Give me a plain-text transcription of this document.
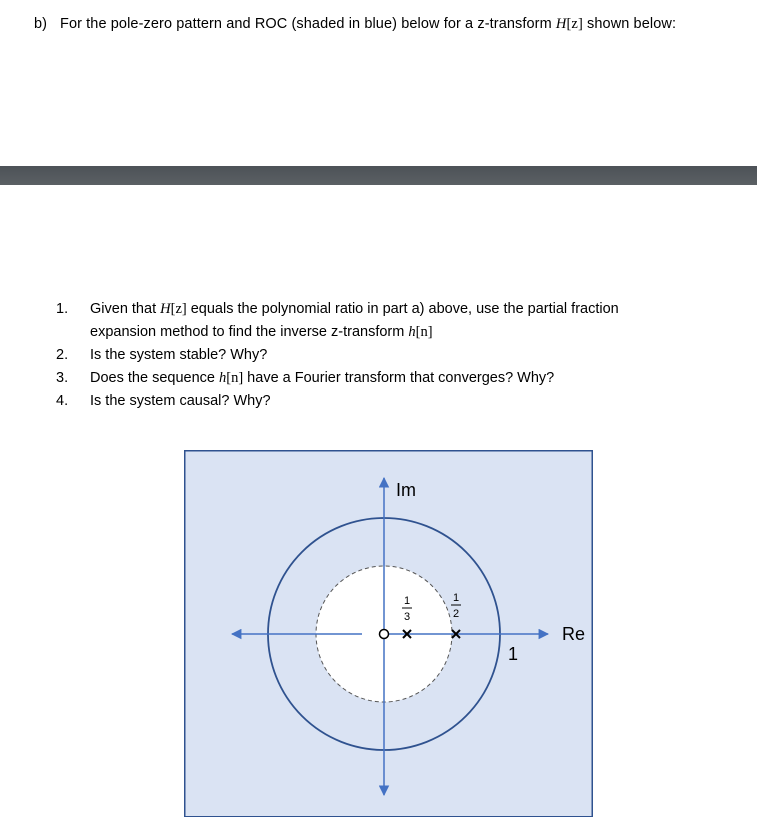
b) For the pole-zero pattern and ROC (shaded in blue) below for a z-transform H[z] shown below:
1.	Given that H[z] equals the polynomial ratio in part a) above, use the partial fraction
expansion method to find the inverse z-transform h[n]
2.	Is the system stable? Why?
3.	Does the sequence h[n] have a Fourier transform that converges? Why?
4.	Is the system causal? Why?
Im
Re
1
1
3
1
2
